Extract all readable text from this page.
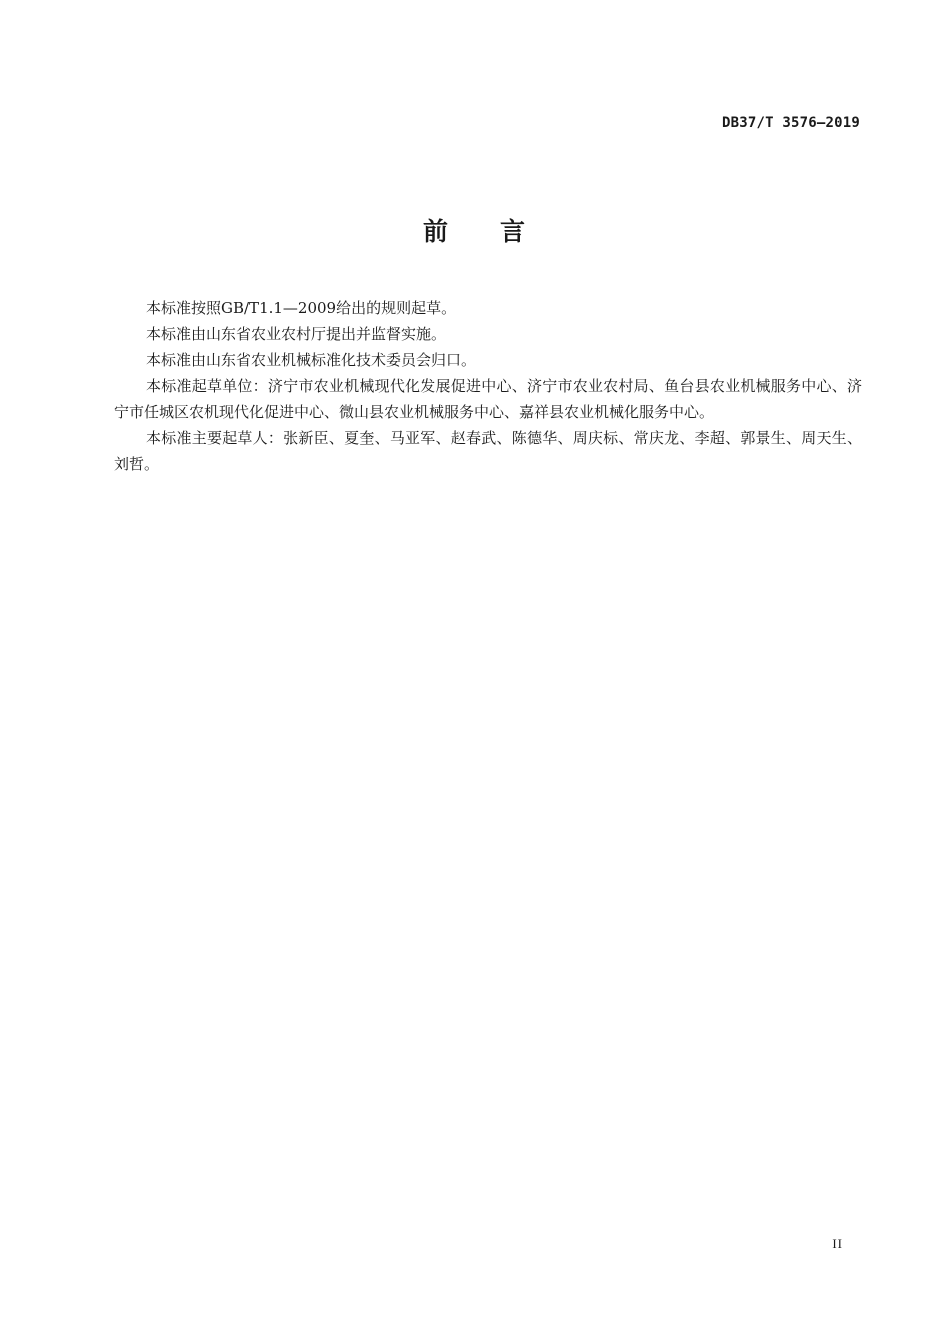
DB37/T 3576—2019
前 言

本标准按照GB/T1.1—2009给出的规则起草。

本标准由山东省农业农村厅提出并监督实施。

本标准由山东省农业机械标准化技术委员会归口。

本标准起草单位：济宁市农业机械现代化发展促进中心、济宁市农业农村局、鱼台县农业机械服务中心、济宁市任城区农机现代化促进中心、微山县农业机械服务中心、嘉祥县农业机械化服务中心。

本标准主要起草人：张新臣、夏奎、马亚军、赵春武、陈德华、周庆标、常庆龙、李超、郭景生、周天生、刘哲。

II
